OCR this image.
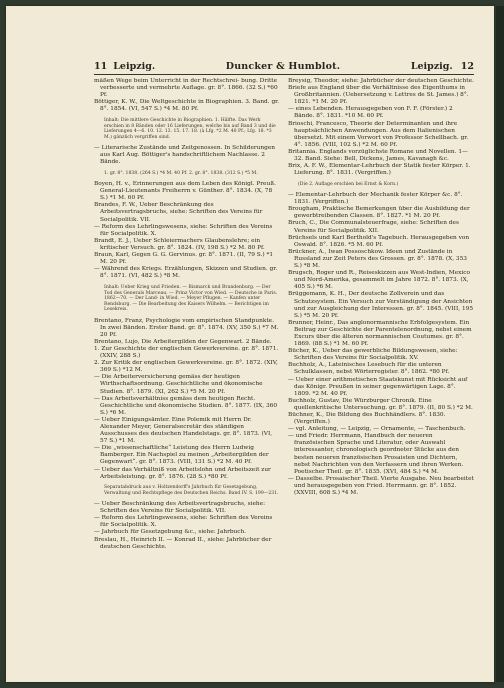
11 Leipzig.	Duncker & Humblot.	Leipzig. 12

mäßen Wege beim Unterricht in der Rechtschrei- bung. Dritte verbesserte und vermehrte Auflage. gr. 8°. 1866. (32 S.) *60 Pf.

Böttiger, K. W., Die Weltgeschichte in Biographien. 3. Band. gr. 8°. 1854. (VI, 547 S.) *4 M. 80 Pf.

Inhalt: Die mittlere Geschichte in Biographien. 1. Hälfte. Das Werk erschien in 8 Bänden oder 16 Lieferungen, welche bis auf Band 3 und die Lieferungen 4—6. 10. 12. 13. 15. 17. 18. (à Lfg. *2 M. 40 Pf.; Lfg. 18. *3 M.) gänzlich vergriffen sind.

— Literarische Zustände und Zeitgenossen. In Schilderungen aus Karl Aug. Böttiger's handschriftlichem Nachlasse. 2 Bände.

1. gr. 8°. 1838. (264 S.) *4 M. 40 Pf. 2. gr. 8°. 1838. (312 S.) *5 M.

Boyen, H. v., Erinnerungen aus dem Leben des Königl. Preuß. General-Lieutenants Freiherrn v. Günther. 8°. 1834. (X, 78 S.) *1 M. 60 Pf.

Brandes, F. W., Ueber Beschränkung des Arbeitsvertragsbruchs, siehe: Schriften des Vereins für Socialpolitik. VII.

— Reform des Lehrlingswesens, siehe: Schriften des Vereins für Socialpolitik. X.

Brandt, E. J., Ueber Schleiermachers Glaubenslehre; ein kritischer Versuch. gr. 8°. 1824. (IV, 198 S.) *2 M. 80 Pf.

Braun, Karl, Gegen G. G. Gervinus. gr. 8°. 1871. (II, 79 S.) *1 M. 20 Pf.

— Während des Kriegs. Erzählungen, Skizzen und Studien. gr. 8°. 1871. (VI, 482 S.) *8 M.

Inhalt: Ueber Krieg und Frieden. — Bismarck und Brandenburg. — Der Tod des Generals Marceau. — Prinz Victor von Wied. — Deutsche in Paris. 1862—70. — Der Land- in Wied. — Meyer Pflugen. — Kanfen unter Rendsburg. — Die Bearbeitung des Kaisers Wilhelm. — Berichtigen im Lesekreis.

Brentano, Franz, Psychologie vom empirischen Standpunkte. In zwei Bänden. Erster Band. gr. 8°. 1874. (XV, 350 S.) *7 M. 20 Pf.

Brentano, Lujo, Die Arbeitergilden der Gegenwart. 2 Bände.

1. Zur Geschichte der englischen Gewerkvereine. gr. 8°. 1871. (XXIV, 288 S.)

2. Zur Kritik der englischen Gewerkvereine. gr. 8°. 1872. (XIV, 369 S.) *12 M.

— Die Arbeiterversicherung gemäss der heutigen Wirthschaftsordnung. Geschichtliche und ökonomische Studien. 8°. 1879. (XI, 262 S.) *5 M. 20 Pf.

— Das Arbeitsverhältniss gemäss dem heutigen Recht. Geschichtliche und ökonomische Studien. 8°. 1877. (IX, 360 S.) *6 M.

— Ueber Einigungsämter. Eine Polemik mit Herrn Dr. Alexander Meyer, Generalsecretär des ständigen Ausschusses des deutschen Handelstags. gr. 8°. 1873. (VI, 57 S.) *1 M.

— Die „wissenschaftliche“ Leistung des Herrn Ludwig Bamberger. Ein Nachspiel zu meinen „Arbeitergilden der Gegenwart“. gr. 8°. 1873. (VIII, 131 S.) *2 M. 40 Pf.

— Ueber das Verhältniß von Arbeitslohn und Arbeitszeit zur Arbeitsleistung. gr. 8°. 1876. (28 S.) *80 Pf.

Separatabdruck aus v. Holtzendorff's Jahrbuch für Gesetzgebung, Verwaltung und Rechtspflege des Deutschen Reichs. Band IV. S. 199—231.

— Ueber Beschränkung des Arbeitsvertragsbruchs, siehe: Schriften des Vereins für Socialpolitik. VII.

— Reform des Lehrlingswesens, siehe: Schriften des Vereins für Socialpolitik. X.

— Jahrbuch für Gesetzgebung &c., siehe: Jahrbuch.

Breslau, H., Heinrich II. — Konrad II., siehe: Jahrbücher der deutschen Geschichte.

Breysig, Theodor, siehe: Jahrbücher der deutschen Geschichte.

Briefe aus England über die Verhältnisse des Eigenthums in Großbritannien. (Uebersetzung v. Lettres de St. James.) 8°. 1821. *1 M. 20 Pf.

— eines Lebenden. Herausgegeben von F. F. (Förster.) 2 Bände. 8°. 1831. *10 M. 60 Pf.

Brioschi, Francesco, Theorie der Determinanten und ihre hauptsächlichen Anwendungen. Aus dem Italienischen übersetzt. Mit einem Vorwort von Professor Schellbach. gr. 4°. 1856. (VIII, 102 S.) *2 M. 60 Pf.

Britannia. Englands vorzüglichste Romane und Novellen. 1—32. Band. Siehe: Bell, Dickens, James, Kavanagh &c.

Brix, A. F. W., Elementar-Lehrbuch der Statik fester Körper. 1. Lieferung. 8°. 1831. (Vergriffen.)

(Die 2. Auflage erschien bei Ernst & Korn.)

— Elementar-Lehrbuch der Mechanik fester Körper &c. 8°. 1831. (Vergriffen.)

Brougham, Praktische Bemerkungen über die Ausbildung der gewerbtreibenden Classen. 8°. 1827. *1 M. 20 Pf.

Bruch, C., Die Communalsteuerfrage, siehe: Schriften des Vereins für Socialpolitik. XII.

Brüchsels und Karl Berthold's Tagebuch. Herausgegeben von Oswald. 8°. 1826. *5 M. 60 Pf.

Brückner, A., Iwan Possoschkow. Ideen und Zustände in Russland zur Zeit Peters des Grossen. gr. 8°. 1878. (X, 353 S.) *8 M.

Brugsch, Roger und R., Reiseskizzen aus West-Indien, Mexico und Nord-Amerika, gesammelt im Jahre 1872. 8°. 1873. (X, 405 S.) *6 M.

Brüggemann, K. H., Der deutsche Zollverein und das Schutzsystem. Ein Versuch zur Verständigung der Ansichten und zur Ausgleichung der Interessen. gr. 8°. 1845. (VIII, 195 S.) *5 M. 20 Pf.

Brunner, Heinr., Das anglonormannische Erbfolgesystem. Ein Beitrag zur Geschichte der Parentelenordnung, nebst einem Excurs über die älteren normannischen Coutumes. gr. 8°. 1869. (88 S.) *1 M. 60 Pf.

Bücher, K., Ueber das gewerbliche Bildungswesen, siehe: Schriften des Vereins für Socialpolitik. XV.

Buchholz, A., Lateinisches Lesebuch für die unteren Schulklassen, nebst Wörterregister. 8°. 1862. *80 Pf.

— Ueber einer arithmetischen Staatskunst mit Rücksicht auf das Königr. Preußen in seiner gegenwärtigen Lage. 8°. 1809. *2 M. 40 Pf.

Buchholz, Gustav, Die Würzburger Chronik. Eine quellenkritische Untersuchung. gr. 8°. 1879. (II, 80 S.) *2 M.

Büchner, K., Die Bildung des Buchhändlers. 8°. 1830. (Vergriffen.)

— vgl. Anleitung, — Leipzig, — Ornamente, — Taschenbuch.

— und Friedr. Herrmann, Handbuch der neueren französischen Sprache und Literatur, oder Auswahl interessanter, chronologisch geordneter Stücke aus den besten neueren französischen Prosaisten und Dichtern, nebst Nachrichten von den Verfassern und ihren Werken. Poetischer Theil. gr. 8°. 1835. (XVI, 484 S.) *4 M.

— Dasselbe. Prosaischer Theil. Vierte Ausgabe. Neu bearbeitet und herausgegeben von Fried. Herrmann. gr. 8°. 1852. (XXVIII, 608 S.) *4 M.
